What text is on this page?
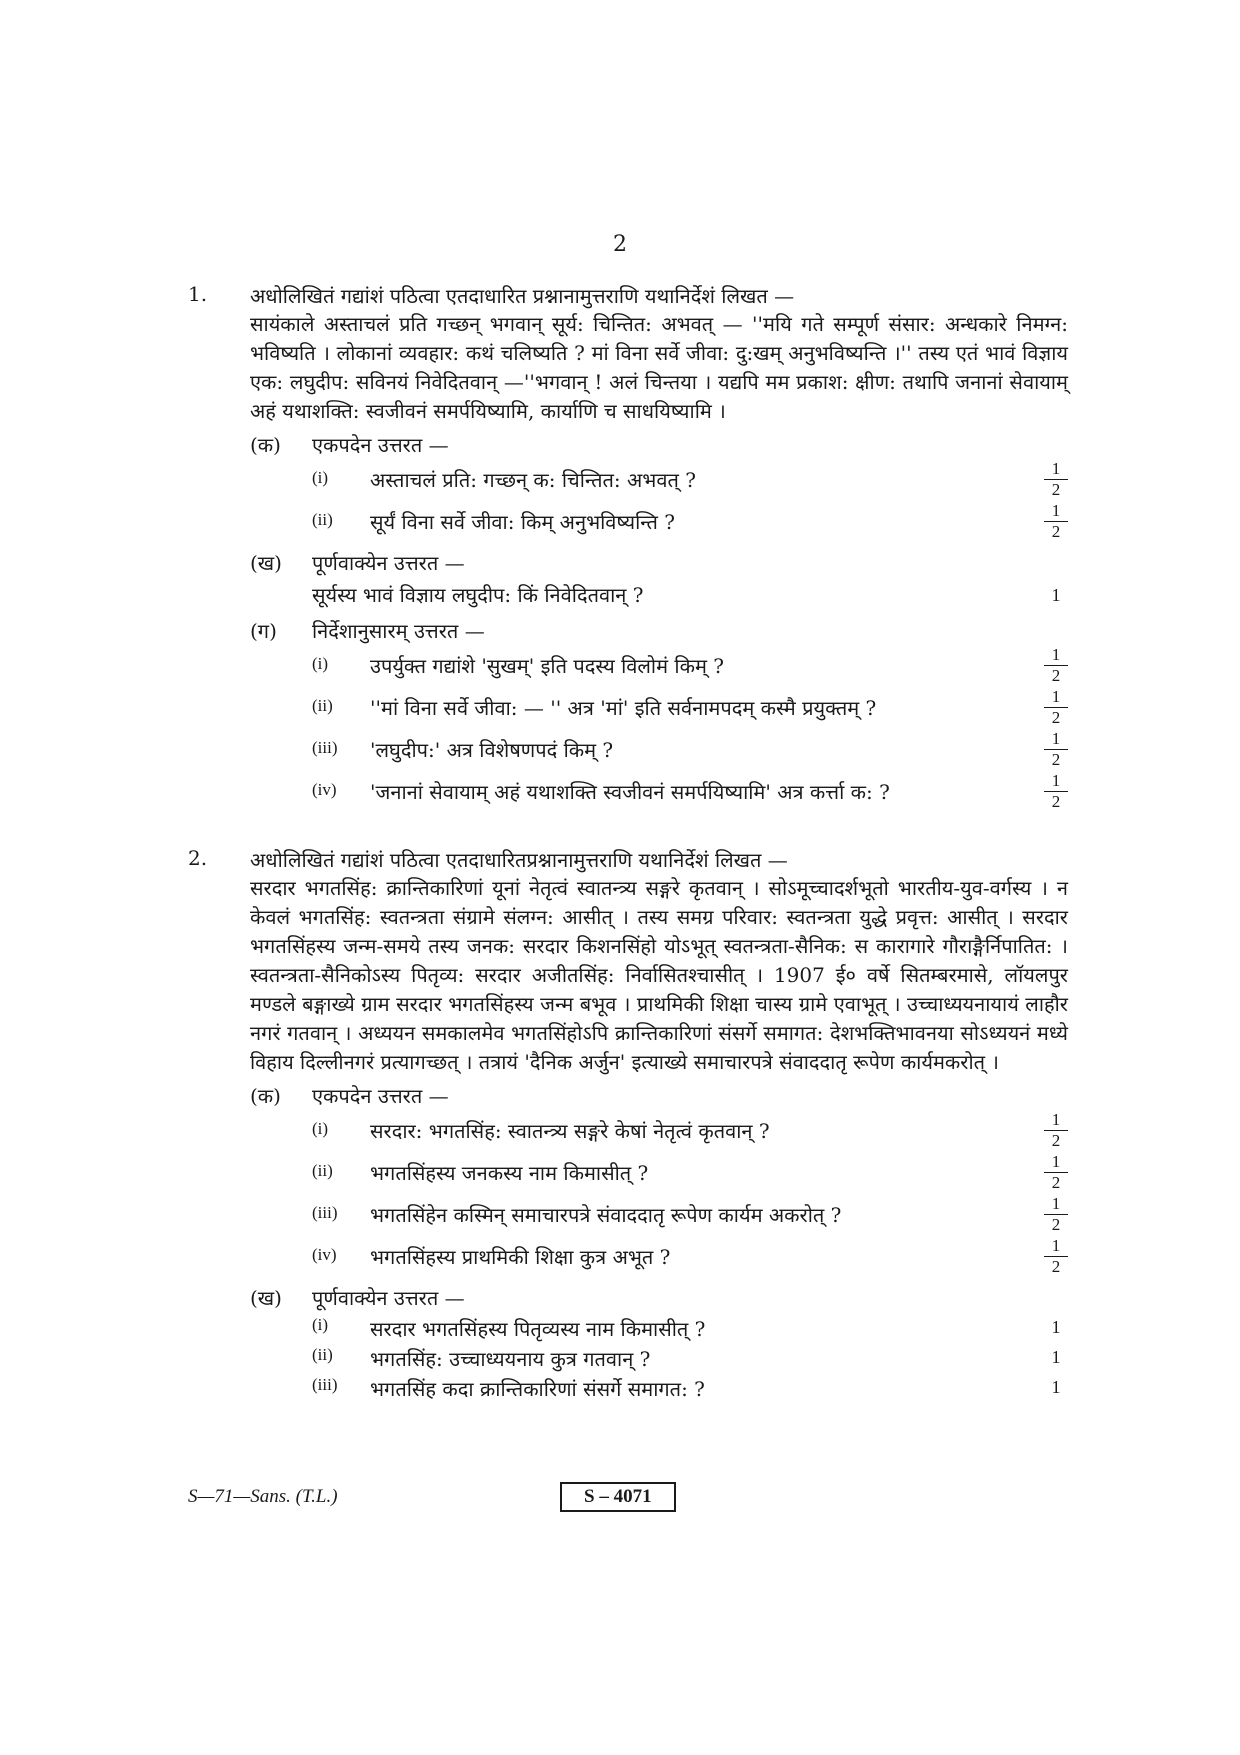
2
1. अधोलिखितं गद्यांशं पठित्वा एतदाधारित प्रश्नानामुत्तराणि यथानिर्देशं लिखत —
सायंकाले अस्ताचलं प्रति गच्छन् भगवान् सूर्य: चिन्तित: अभवत् — ''मयि गते सम्पूर्ण संसार: अन्धकारे निमग्न: भविष्यति । लोकानां व्यवहार: कथं चलिष्यति ? मां विना सर्वे जीवा: दु:खम् अनुभविष्यन्ति ।'' तस्य एतं भावं विज्ञाय एक: लघुदीप: सविनयं निवेदितवान् —''भगवान् ! अलं चिन्तया । यद्यपि मम प्रकाश: क्षीण: तथापि जनानां सेवायाम् अहं यथाशक्ति: स्वजीवनं समर्पयिष्यामि, कार्याणि च साधयिष्यामि ।
(क) एकपदेन उत्तरत —
(i) अस्ताचलं प्रति: गच्छन् क: चिन्तित: अभवत् ?	$\frac{1}{2}$
(ii) सूर्यं विना सर्वे जीवा: किम् अनुभविष्यन्ति ?	$\frac{1}{2}$
(ख) पूर्णवाक्येन उत्तरत —
सूर्यस्य भावं विज्ञाय लघुदीप: किं निवेदितवान् ?	1
(ग) निर्देशानुसारम् उत्तरत —
(i) उपर्युक्त गद्यांशे 'सुखम्' इति पदस्य विलोमं किम् ?	$\frac{1}{2}$
(ii) ''मां विना सर्वे जीवा: — '' अत्र 'मां' इति सर्वनामपदम् कस्मै प्रयुक्तम् ?	$\frac{1}{2}$
(iii) 'लघुदीप:' अत्र विशेषणपदं किम् ?	$\frac{1}{2}$
(iv) 'जनानां सेवायाम् अहं यथाशक्ति स्वजीवनं समर्पयिष्यामि' अत्र कर्त्ता क: ?	$\frac{1}{2}$
2. अधोलिखितं गद्यांशं पठित्वा एतदाधारितप्रश्नानामुत्तराणि यथानिर्देशं लिखत —
सरदार भगतसिंह: क्रान्तिकारिणां यूनां नेतृत्वं स्वातन्त्र्य सङ्गरे कृतवान् । सोऽमूच्चादर्शभूतो भारतीय-युव-वर्गस्य । न केवलं भगतसिंह: स्वतन्त्रता संग्रामे संलग्न: आसीत् । तस्य समग्र परिवार: स्वतन्त्रता युद्धे प्रवृत्त: आसीत् । सरदार भगतसिंहस्य जन्म-समये तस्य जनक: सरदार किशनसिंहो योऽभूत् स्वतन्त्रता-सैनिक: स कारागारे गौराङ्गैर्निपातित: । स्वतन्त्रता-सैनिकोऽस्य पितृव्य: सरदार अजीतसिंह: निर्वासितश्चासीत् । 1907 ई० वर्षे सितम्बरमासे, लॉयलपुर मण्डले बङ्गाख्ये ग्राम सरदार भगतसिंहस्य जन्म बभूव । प्राथमिकी शिक्षा चास्य ग्रामे एवाभूत् । उच्चाध्ययनायायं लाहौर नगरं गतवान् । अध्ययन समकालमेव भगतसिंहोऽपि क्रान्तिकारिणां संसर्गे समागत: देशभक्तिभावनया सोऽध्ययनं मध्ये विहाय दिल्लीनगरं प्रत्यागच्छत् । तत्रायं 'दैनिक अर्जुन' इत्याख्ये समाचारपत्रे संवाददातृ रूपेण कार्यमकरोत् ।
(क) एकपदेन उत्तरत —
(i) सरदार: भगतसिंह: स्वातन्त्र्य सङ्गरे केषां नेतृत्वं कृतवान् ?	$\frac{1}{2}$
(ii) भगतसिंहस्य जनकस्य नाम किमासीत् ?	$\frac{1}{2}$
(iii) भगतसिंहेन कस्मिन् समाचारपत्रे संवाददातृ रूपेण कार्यम अकरोत् ?	$\frac{1}{2}$
(iv) भगतसिंहस्य प्राथमिकी शिक्षा कुत्र अभूत ?	$\frac{1}{2}$
(ख) पूर्णवाक्येन उत्तरत —
(i) सरदार भगतसिंहस्य पितृव्यस्य नाम किमासीत् ?	1
(ii) भगतसिंह: उच्चाध्ययनाय कुत्र गतवान् ?	1
(iii) भगतसिंह कदा क्रान्तिकारिणां संसर्गे समागत: ?	1
S—71—Sans. (T.L.)	S – 4071
